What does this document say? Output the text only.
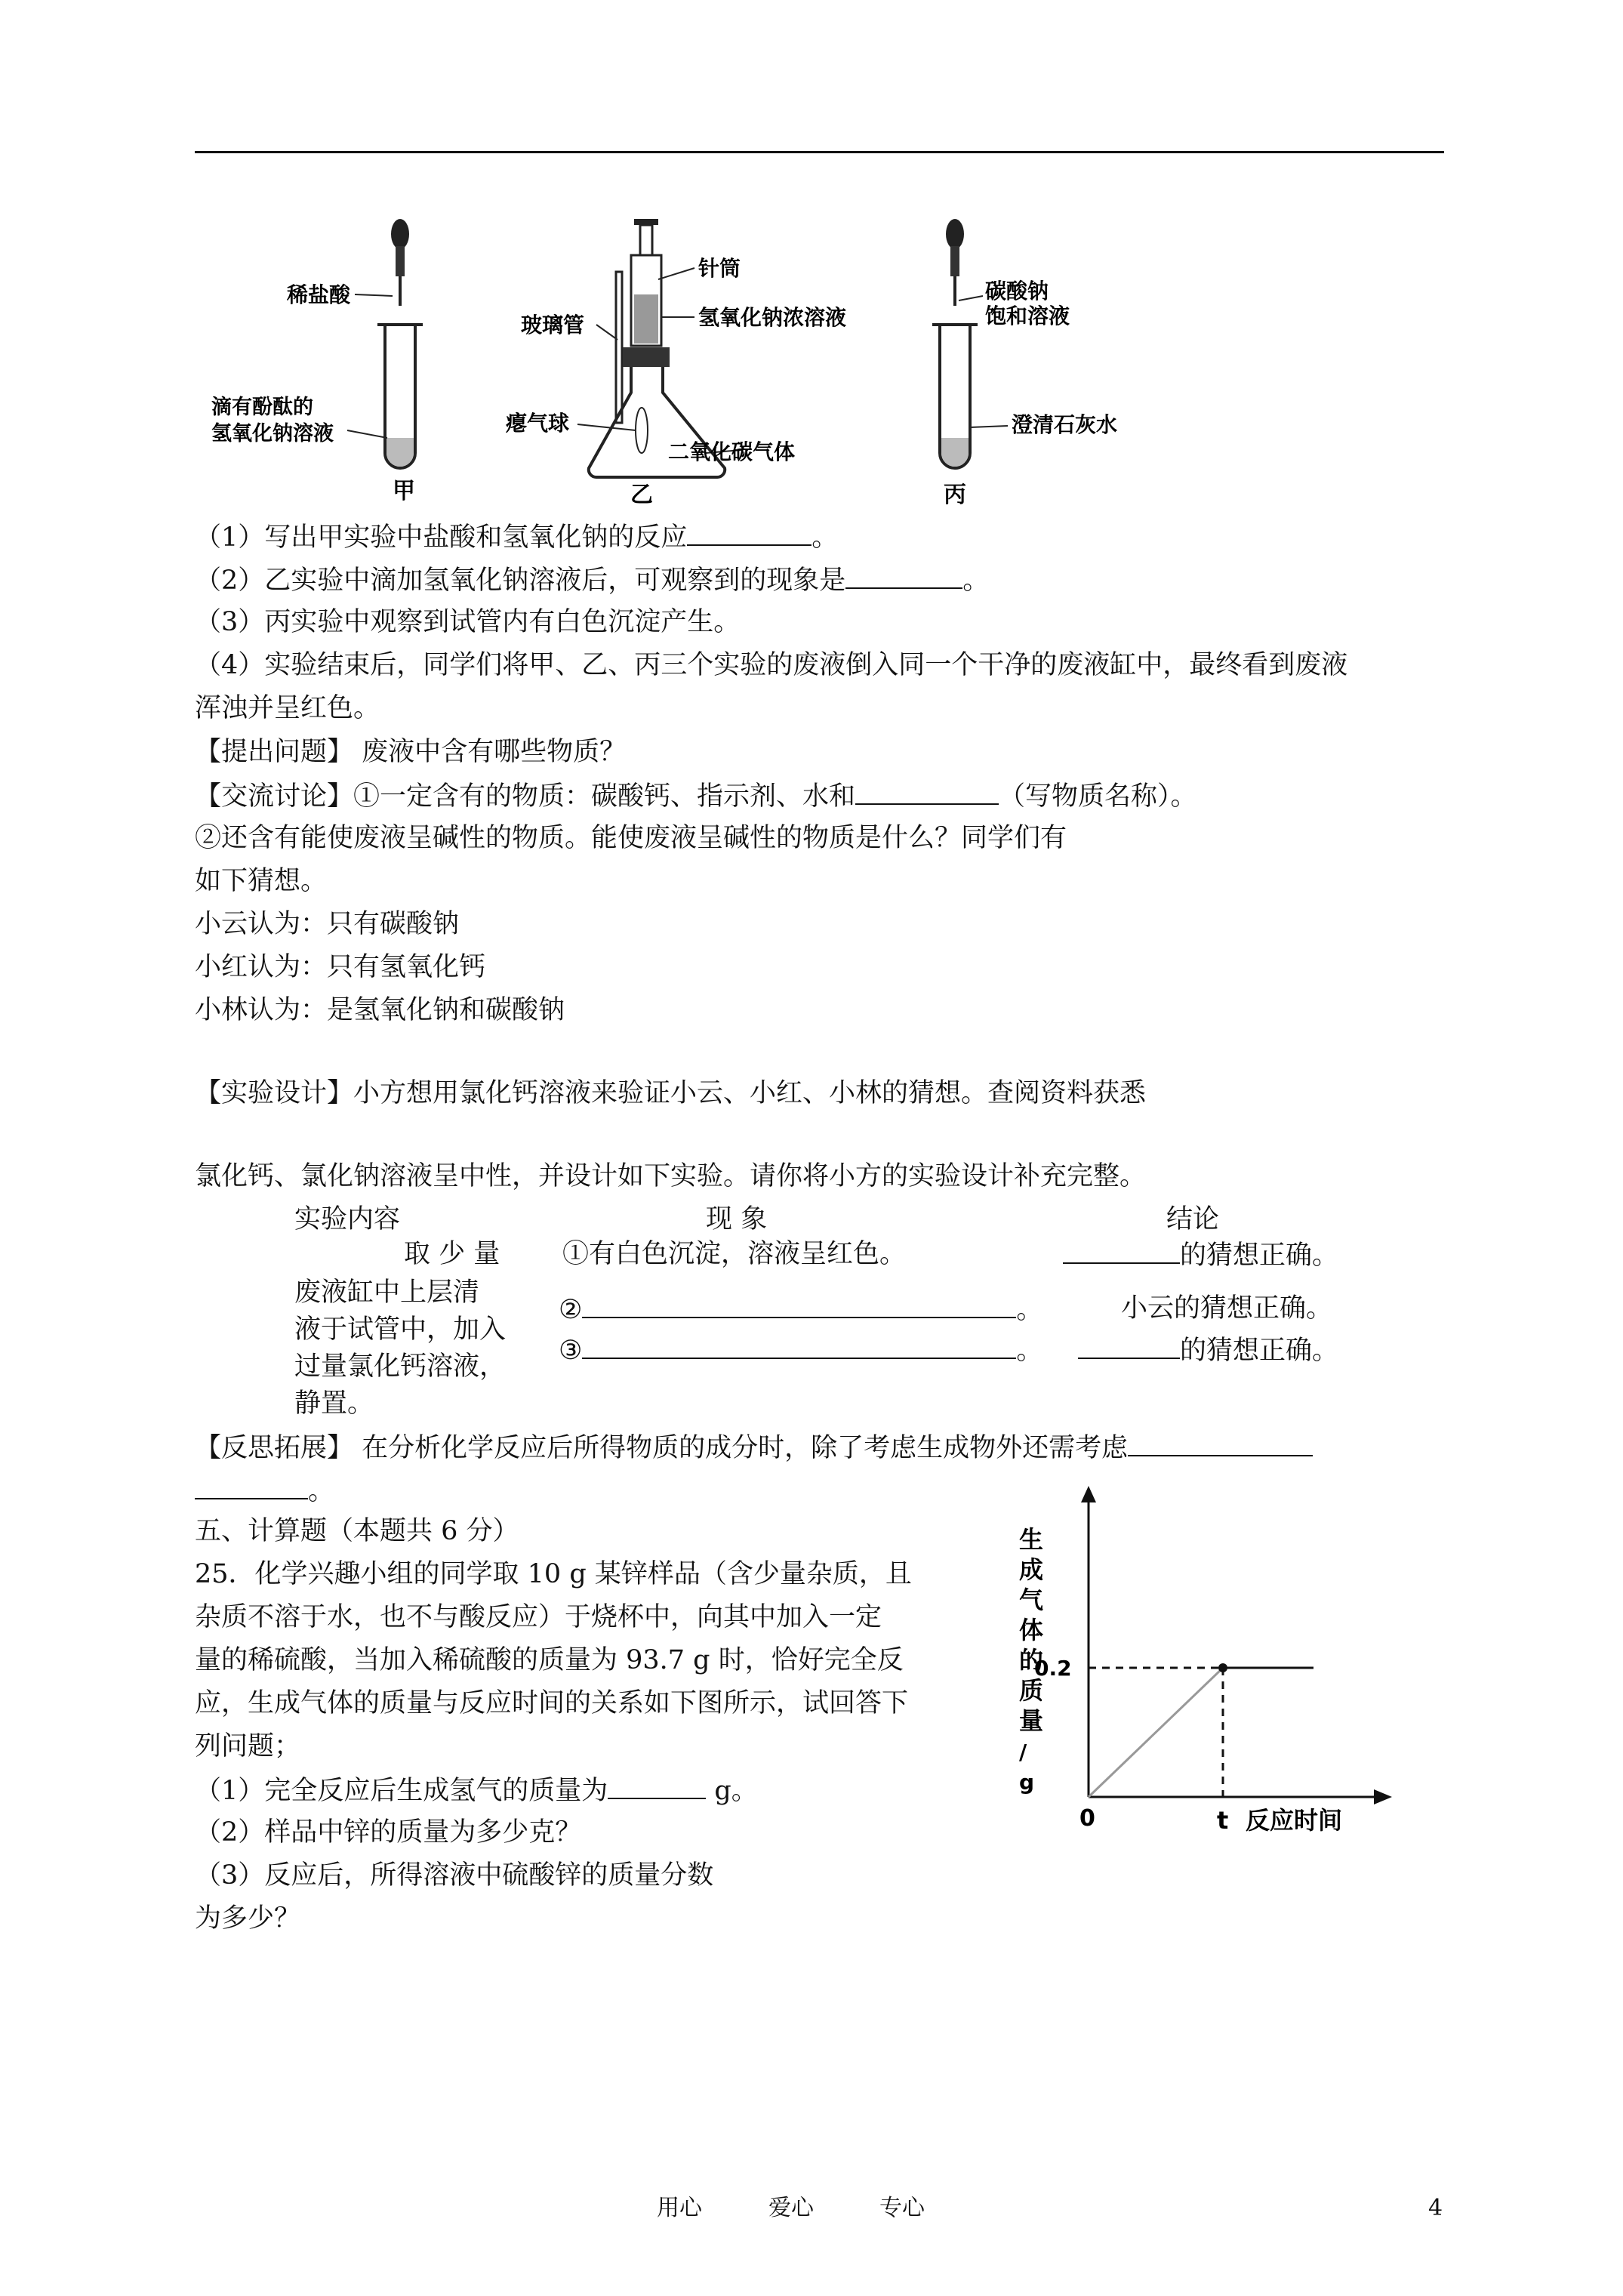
稀盐酸
滴有酚酞的
氢氧化钠溶液
甲
针筒
氢氧化钠浓溶液
玻璃管
瘪气球
二氧化碳气体
乙
碳酸钠
饱和溶液
澄清石灰水
丙
（1）写出甲实验中盐酸和氢氧化钠的反应	。
（2）乙实验中滴加氢氧化钠溶液后，可观察到的现象是	。
（3）丙实验中观察到试管内有白色沉淀产生。
（4）实验结束后，同学们将甲、乙、丙三个实验的废液倒入同一个干净的废液缸中，最终看到废液
浑浊并呈红色。
【提出问题】 废液中含有哪些物质？
【交流讨论】①一定含有的物质：碳酸钙、指示剂、水和	（写物质名称）。
②还含有能使废液呈碱性的物质。能使废液呈碱性的物质是什么？同学们有
如下猜想。
小云认为：只有碳酸钠
小红认为：只有氢氧化钙
小林认为：是氢氧化钠和碳酸钠
【实验设计】小方想用氯化钙溶液来验证小云、小红、小林的猜想。查阅资料获悉
氯化钙、氯化钠溶液呈中性，并设计如下实验。请你将小方的实验设计补充完整。
实验内容	现 象	结论
取 少 量
废液缸中上层清
液于试管中，加入
过量氯化钙溶液，
静置。
①有白色沉淀，溶液呈红色。	的猜想正确。
②	。	小云的猜想正确。
③	。	的猜想正确。
【反思拓展】 在分析化学反应后所得物质的成分时，除了考虑生成物外还需考虑
。
五、计算题（本题共 6 分）
25．化学兴趣小组的同学取 10 g 某锌样品（含少量杂质，且
杂质不溶于水，也不与酸反应）于烧杯中，向其中加入一定
量的稀硫酸，当加入稀硫酸的质量为 93.7 g 时，恰好完全反
应，生成气体的质量与反应时间的关系如下图所示，试回答下
列问题；
（1）完全反应后生成氢气的质量为	g。
（2）样品中锌的质量为多少克？
（3）反应后，所得溶液中硫酸锌的质量分数
为多少？
生成气体的质量/ g
0	t 反应时间
0.2
用心	爱心	专心	4
